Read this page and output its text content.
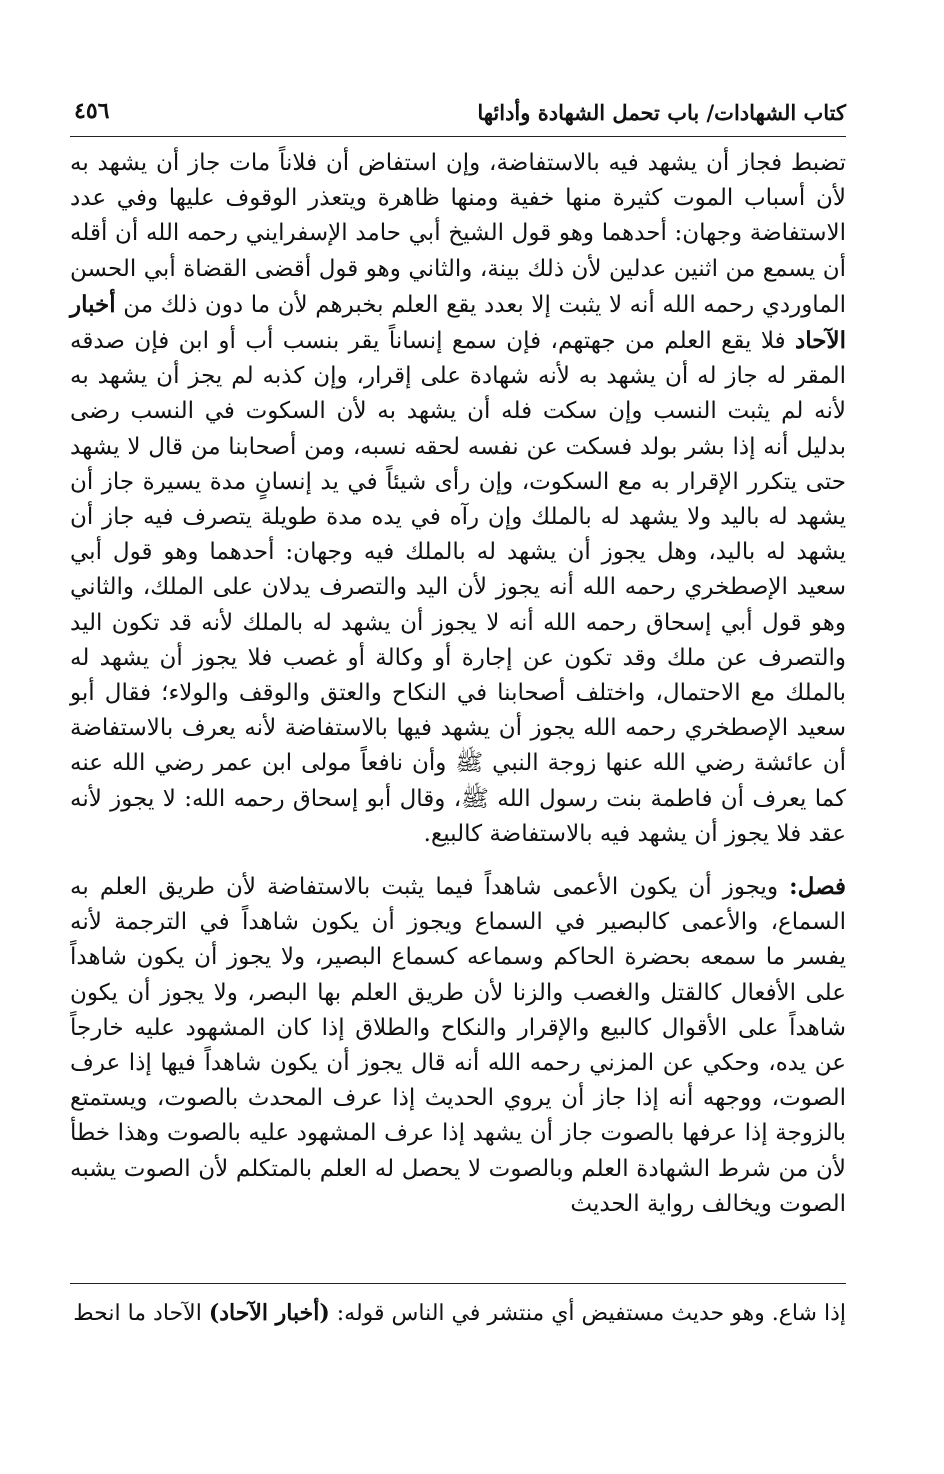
كتاب الشهادات/ باب تحمل الشهادة وأدائها
٤٥٦

تضبط فجاز أن يشهد فيه بالاستفاضة، وإن استفاض أن فلاناً مات جاز أن يشهد به لأن أسباب الموت كثيرة منها خفية ومنها ظاهرة ويتعذر الوقوف عليها وفي عدد الاستفاضة وجهان: أحدهما وهو قول الشيخ أبي حامد الإسفرايني رحمه الله أن أقله أن يسمع من اثنين عدلين لأن ذلك بينة، والثاني وهو قول أقضى القضاة أبي الحسن الماوردي رحمه الله أنه لا يثبت إلا بعدد يقع العلم بخبرهم لأن ما دون ذلك من أخبار الآحاد فلا يقع العلم من جهتهم، فإن سمع إنساناً يقر بنسب أب أو ابن فإن صدقه المقر له جاز له أن يشهد به لأنه شهادة على إقرار، وإن كذبه لم يجز أن يشهد به لأنه لم يثبت النسب وإن سكت فله أن يشهد به لأن السكوت في النسب رضى بدليل أنه إذا بشر بولد فسكت عن نفسه لحقه نسبه، ومن أصحابنا من قال لا يشهد حتى يتكرر الإقرار به مع السكوت، وإن رأى شيئاً في يد إنسانٍ مدة يسيرة جاز أن يشهد له باليد ولا يشهد له بالملك وإن رآه في يده مدة طويلة يتصرف فيه جاز أن يشهد له باليد، وهل يجوز أن يشهد له بالملك فيه وجهان: أحدهما وهو قول أبي سعيد الإصطخري رحمه الله أنه يجوز لأن اليد والتصرف يدلان على الملك، والثاني وهو قول أبي إسحاق رحمه الله أنه لا يجوز أن يشهد له بالملك لأنه قد تكون اليد والتصرف عن ملك وقد تكون عن إجارة أو وكالة أو غصب فلا يجوز أن يشهد له بالملك مع الاحتمال، واختلف أصحابنا في النكاح والعتق والوقف والولاء؛ فقال أبو سعيد الإصطخري رحمه الله يجوز أن يشهد فيها بالاستفاضة لأنه يعرف بالاستفاضة أن عائشة رضي الله عنها زوجة النبي ﷺ وأن نافعاً مولى ابن عمر رضي الله عنه كما يعرف أن فاطمة بنت رسول الله ﷺ، وقال أبو إسحاق رحمه الله: لا يجوز لأنه عقد فلا يجوز أن يشهد فيه بالاستفاضة كالبيع.

فصل: ويجوز أن يكون الأعمى شاهداً فيما يثبت بالاستفاضة لأن طريق العلم به السماع، والأعمى كالبصير في السماع ويجوز أن يكون شاهداً في الترجمة لأنه يفسر ما سمعه بحضرة الحاكم وسماعه كسماع البصير، ولا يجوز أن يكون شاهداً على الأفعال كالقتل والغصب والزنا لأن طريق العلم بها البصر، ولا يجوز أن يكون شاهداً على الأقوال كالبيع والإقرار والنكاح والطلاق إذا كان المشهود عليه خارجاً عن يده، وحكي عن المزني رحمه الله أنه قال يجوز أن يكون شاهداً فيها إذا عرف الصوت، ووجهه أنه إذا جاز أن يروي الحديث إذا عرف المحدث بالصوت، ويستمتع بالزوجة إذا عرفها بالصوت جاز أن يشهد إذا عرف المشهود عليه بالصوت وهذا خطأ لأن من شرط الشهادة العلم وبالصوت لا يحصل له العلم بالمتكلم لأن الصوت يشبه الصوت ويخالف رواية الحديث

إذا شاع. وهو حديث مستفيض أي منتشر في الناس قوله: (أخبار الآحاد) الآحاد ما انحط
